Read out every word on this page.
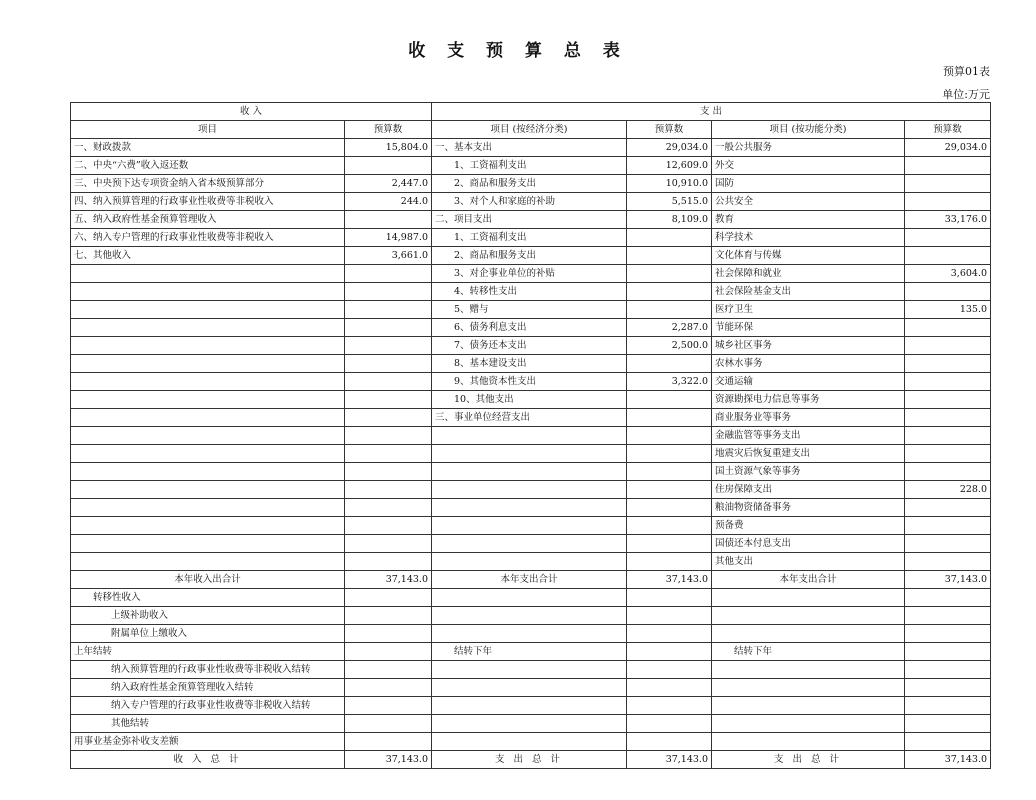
收 支 预 算 总 表
预算01表
单位:万元
收 入		支 出			
项目	预算数	项目 (按经济分类)	预算数	项目 (按功能分类)	预算数
一、财政拨款	15,804.0	一、基本支出	29,034.0	一般公共服务	29,034.0
二、中央“六费”收入返还数		1、工资福利支出	12,609.0	外交	
三、中央预下达专项资金纳入省本级预算部分	2,447.0	2、商品和服务支出	10,910.0	国防	
四、纳入预算管理的行政事业性收费等非税收入	244.0	3、对个人和家庭的补助	5,515.0	公共安全	
五、纳入政府性基金预算管理收入		二、项目支出	8,109.0	教育	33,176.0
六、纳入专户管理的行政事业性收费等非税收入	14,987.0	1、工资福利支出		科学技术	
七、其他收入	3,661.0	2、商品和服务支出		文化体育与传媒	
		3、对企事业单位的补贴		社会保障和就业	3,604.0
		4、转移性支出		社会保险基金支出	
		5、赠与		医疗卫生	135.0
		6、债务利息支出	2,287.0	节能环保	
		7、债务还本支出	2,500.0	城乡社区事务	
		8、基本建设支出		农林水事务	
		9、其他资本性支出	3,322.0	交通运输	
		10、其他支出		资源勘探电力信息等事务	
		三、事业单位经营支出		商业服务业等事务	
				金融监管等事务支出	
				地震灾后恢复重建支出	
				国土资源气象等事务	
				住房保障支出	228.0
				粮油物资储备事务	
				预备费	
				国债还本付息支出	
				其他支出	
本年收入出合计	37,143.0	本年支出合计	37,143.0	本年支出合计	37,143.0
转移性收入					
上级补助收入					
附属单位上缴收入					
上年结转		结转下年		结转下年	
纳入预算管理的行政事业性收费等非税收入结转					
纳入政府性基金预算管理收入结转					
纳入专户管理的行政事业性收费等非税收入结转					
其他结转					
用事业基金弥补收支差额					
收 入 总 计	37,143.0	支 出 总 计	37,143.0	支 出 总 计	37,143.0
